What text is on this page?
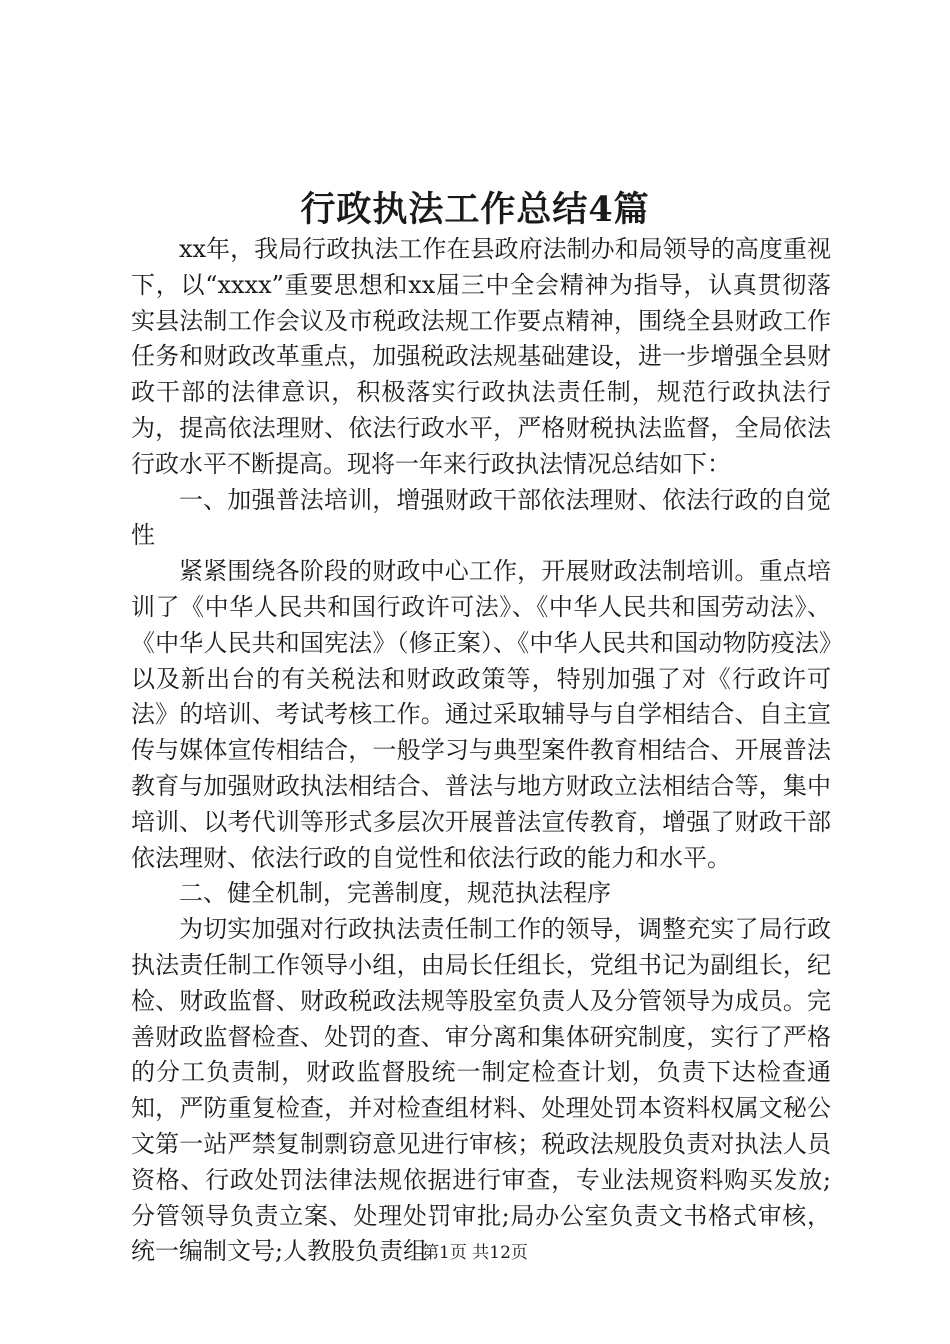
行政执法工作总结4篇

xx年，我局行政执法工作在县政府法制办和局领导的高度重视下，以“xxxx”重要思想和xx届三中全会精神为指导，认真贯彻落实县法制工作会议及市税政法规工作要点精神，围绕全县财政工作任务和财政改革重点，加强税政法规基础建设，进一步增强全县财政干部的法律意识，积极落实行政执法责任制，规范行政执法行为，提高依法理财、依法行政水平，严格财税执法监督，全局依法行政水平不断提高。现将一年来行政执法情况总结如下：

一、加强普法培训，增强财政干部依法理财、依法行政的自觉性

紧紧围绕各阶段的财政中心工作，开展财政法制培训。重点培训了《中华人民共和国行政许可法》、《中华人民共和国劳动法》、《中华人民共和国宪法》（修正案）、《中华人民共和国动物防疫法》以及新出台的有关税法和财政政策等，特别加强了对《行政许可法》的培训、考试考核工作。通过采取辅导与自学相结合、自主宣传与媒体宣传相结合，一般学习与典型案件教育相结合、开展普法教育与加强财政执法相结合、普法与地方财政立法相结合等，集中培训、以考代训等形式多层次开展普法宣传教育，增强了财政干部依法理财、依法行政的自觉性和依法行政的能力和水平。

二、健全机制，完善制度，规范执法程序

为切实加强对行政执法责任制工作的领导，调整充实了局行政执法责任制工作领导小组，由局长任组长，党组书记为副组长，纪检、财政监督、财政税政法规等股室负责人及分管领导为成员。完善财政监督检查、处罚的查、审分离和集体研究制度，实行了严格的分工负责制，财政监督股统一制定检查计划，负责下达检查通知，严防重复检查，并对检查组材料、处理处罚本资料权属文秘公文第一站严禁复制剽窃意见进行审核；税政法规股负责对执法人员资格、行政处罚法律法规依据进行审查，专业法规资料购买发放;分管领导负责立案、处理处罚审批;局办公室负责文书格式审核，统一编制文号;人教股负责组

第1页 共12页
